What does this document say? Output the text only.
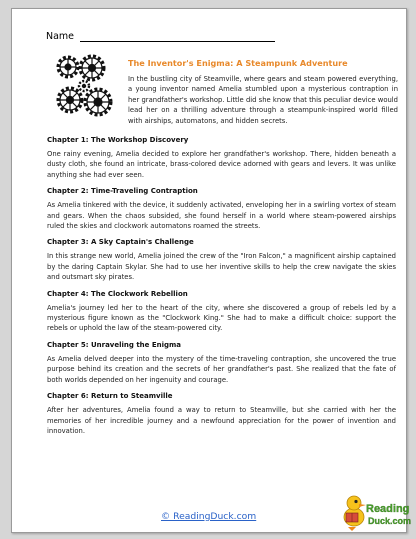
Name
The Inventor's Enigma: A Steampunk Adventure

In the bustling city of Steamville, where gears and steam powered everything, a young inventor named Amelia stumbled upon a mysterious contraption in her grandfather's workshop. Little did she know that this peculiar device would lead her on a thrilling adventure through a steampunk-inspired world filled with airships, automatons, and hidden secrets.

Chapter 1: The Workshop Discovery

One rainy evening, Amelia decided to explore her grandfather's workshop. There, hidden beneath a dusty cloth, she found an intricate, brass-colored device adorned with gears and levers. It was unlike anything she had ever seen.

Chapter 2: Time-Traveling Contraption

As Amelia tinkered with the device, it suddenly activated, enveloping her in a swirling vortex of steam and gears. When the chaos subsided, she found herself in a world where steam-powered airships ruled the skies and clockwork automatons roamed the streets.

Chapter 3: A Sky Captain's Challenge

In this strange new world, Amelia joined the crew of the "Iron Falcon," a magnificent airship captained by the daring Captain Skylar. She had to use her inventive skills to help the crew navigate the skies and outsmart sky pirates.

Chapter 4: The Clockwork Rebellion

Amelia's journey led her to the heart of the city, where she discovered a group of rebels led by a mysterious figure known as the "Clockwork King." She had to make a difficult choice: support the rebels or uphold the law of the steam-powered city.

Chapter 5: Unraveling the Enigma

As Amelia delved deeper into the mystery of the time-traveling contraption, she uncovered the true purpose behind its creation and the secrets of her grandfather's past. She realized that the fate of both worlds depended on her ingenuity and courage.

Chapter 6: Return to Steamville

After her adventures, Amelia found a way to return to Steamville, but she carried with her the memories of her incredible journey and a newfound appreciation for the power of invention and innovation.

© ReadingDuck.com
Reading
Duck.com
